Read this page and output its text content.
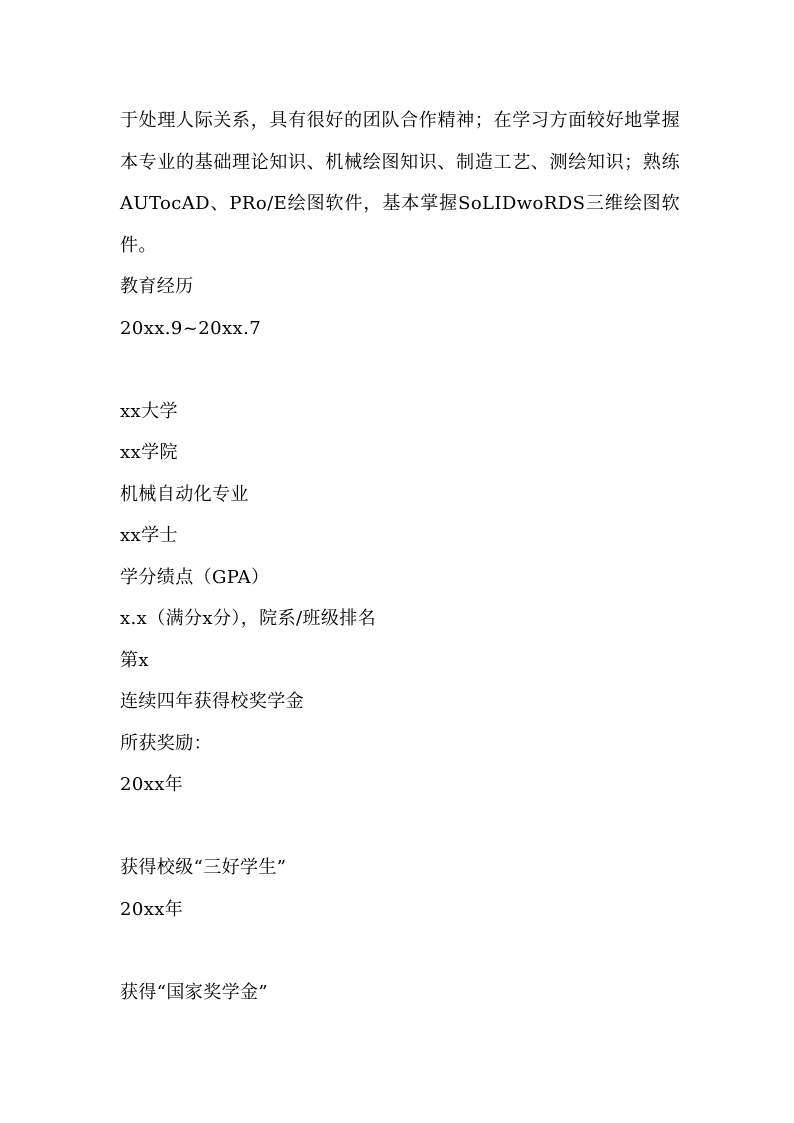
于处理人际关系，具有很好的团队合作精神；在学习方面较好地掌握本专业的基础理论知识、机械绘图知识、制造工艺、测绘知识；熟练AUTocAD、PRo/E绘图软件，基本掌握SoLIDwoRDS三维绘图软件。

教育经历

20xx.9~20xx.7

xx大学

xx学院

机械自动化专业

xx学士

学分绩点（GPA）

x.x（满分x分），院系/班级排名

第x

连续四年获得校奖学金

所获奖励：

20xx年

获得校级“三好学生”

20xx年

获得“国家奖学金”
